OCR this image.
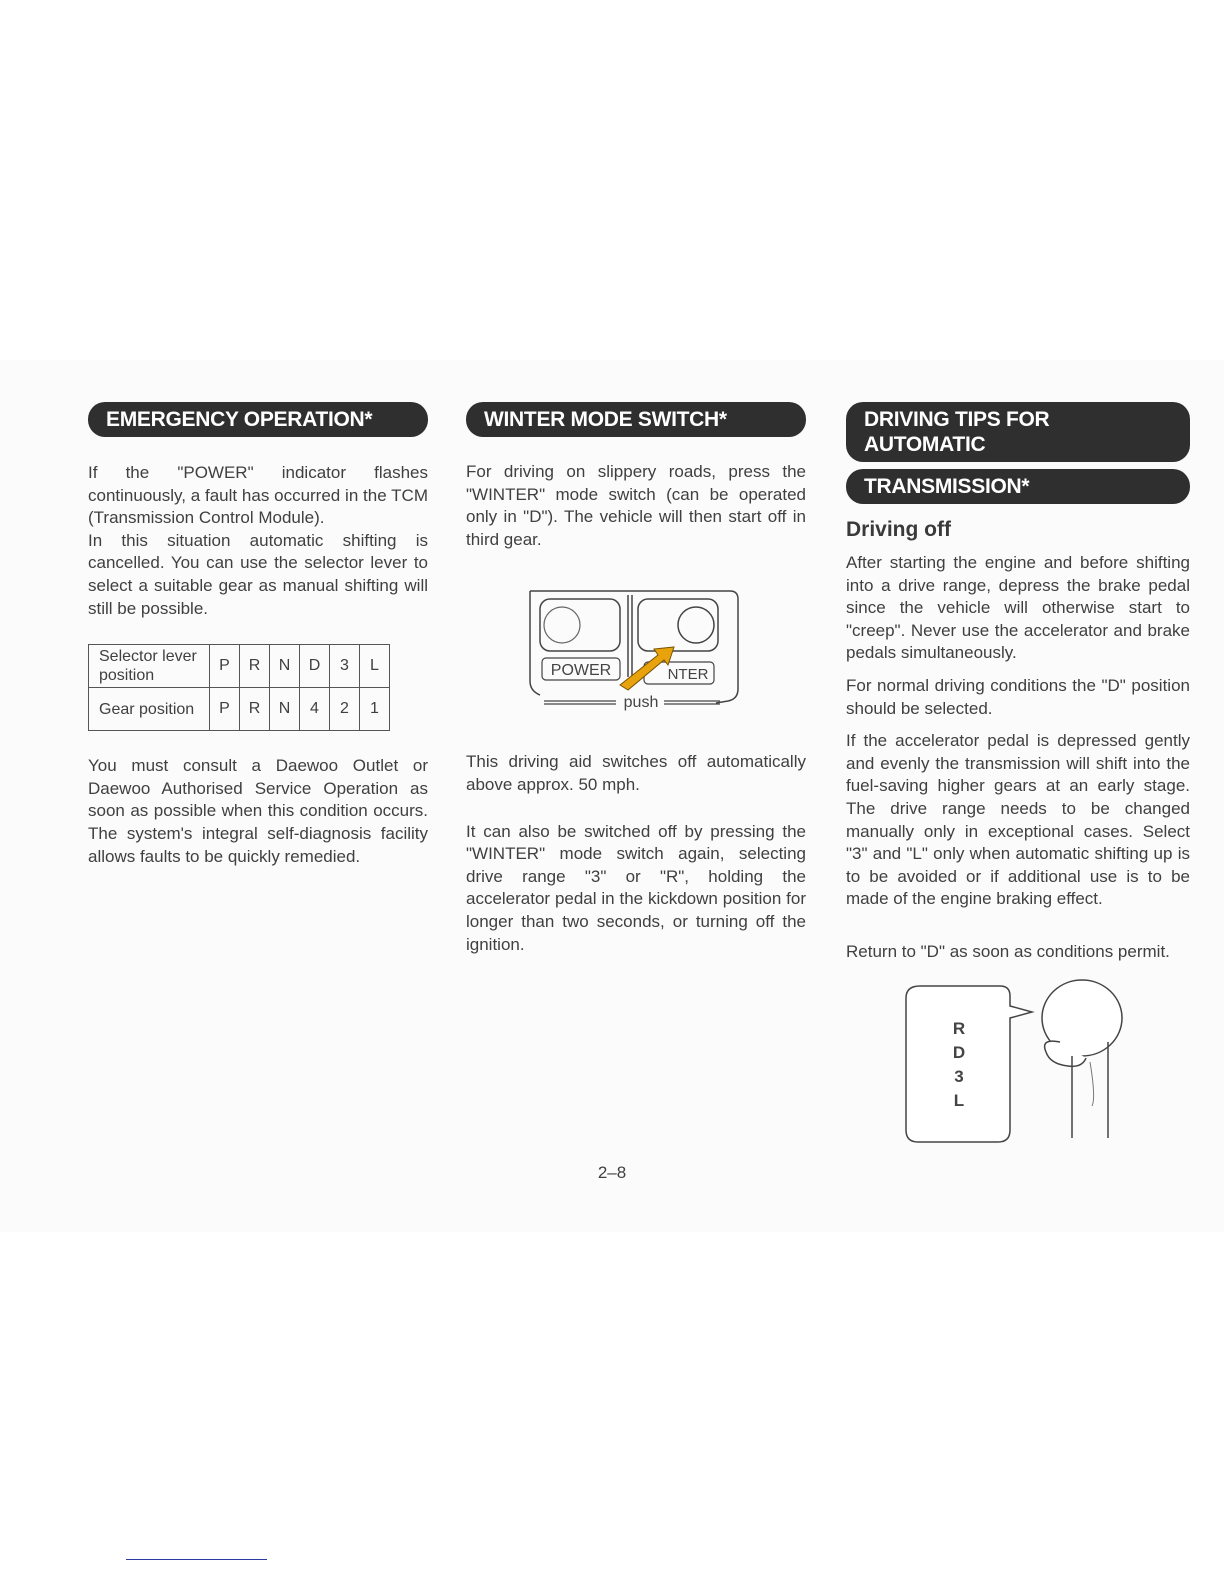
EMERGENCY OPERATION*

If the "POWER" indicator flashes continuously, a fault has occurred in the TCM (Transmission Control Module).

In this situation automatic shifting is cancelled. You can use the selector lever to select a suitable gear as manual shifting will still be possible.

Selector lever position	P	R	N	D	3	L
Gear position	P	R	N	4	2	1

You must consult a Daewoo Outlet or Daewoo Authorised Service Operation as soon as possible when this condition occurs. The system's integral self-diagnosis facility allows faults to be quickly remedied.

WINTER MODE SWITCH*

For driving on slippery roads, press the "WINTER" mode switch (can be operated only in "D"). The vehicle will then start off in third gear.

POWER	NTER
push

This driving aid switches off automatically above approx. 50 mph.

It can also be switched off by pressing the "WINTER" mode switch again, selecting drive range "3" or "R", holding the accelerator pedal in the kickdown position for longer than two seconds, or turning off the ignition.

DRIVING TIPS FOR AUTOMATIC
TRANSMISSION*
Driving off

After starting the engine and before shifting into a drive range, depress the brake pedal since the vehicle will otherwise start to "creep". Never use the accelerator and brake pedals simultaneously.

For normal driving conditions the "D" position should be selected.

If the accelerator pedal is depressed gently and evenly the transmission will shift into the fuel-saving higher gears at an early stage. The drive range needs to be changed manually only in exceptional cases. Select "3" and "L" only when automatic shifting up is to be avoided or if additional use is to be made of the engine braking effect.

Return to "D" as soon as conditions permit.

R
D
3
L
2–8
